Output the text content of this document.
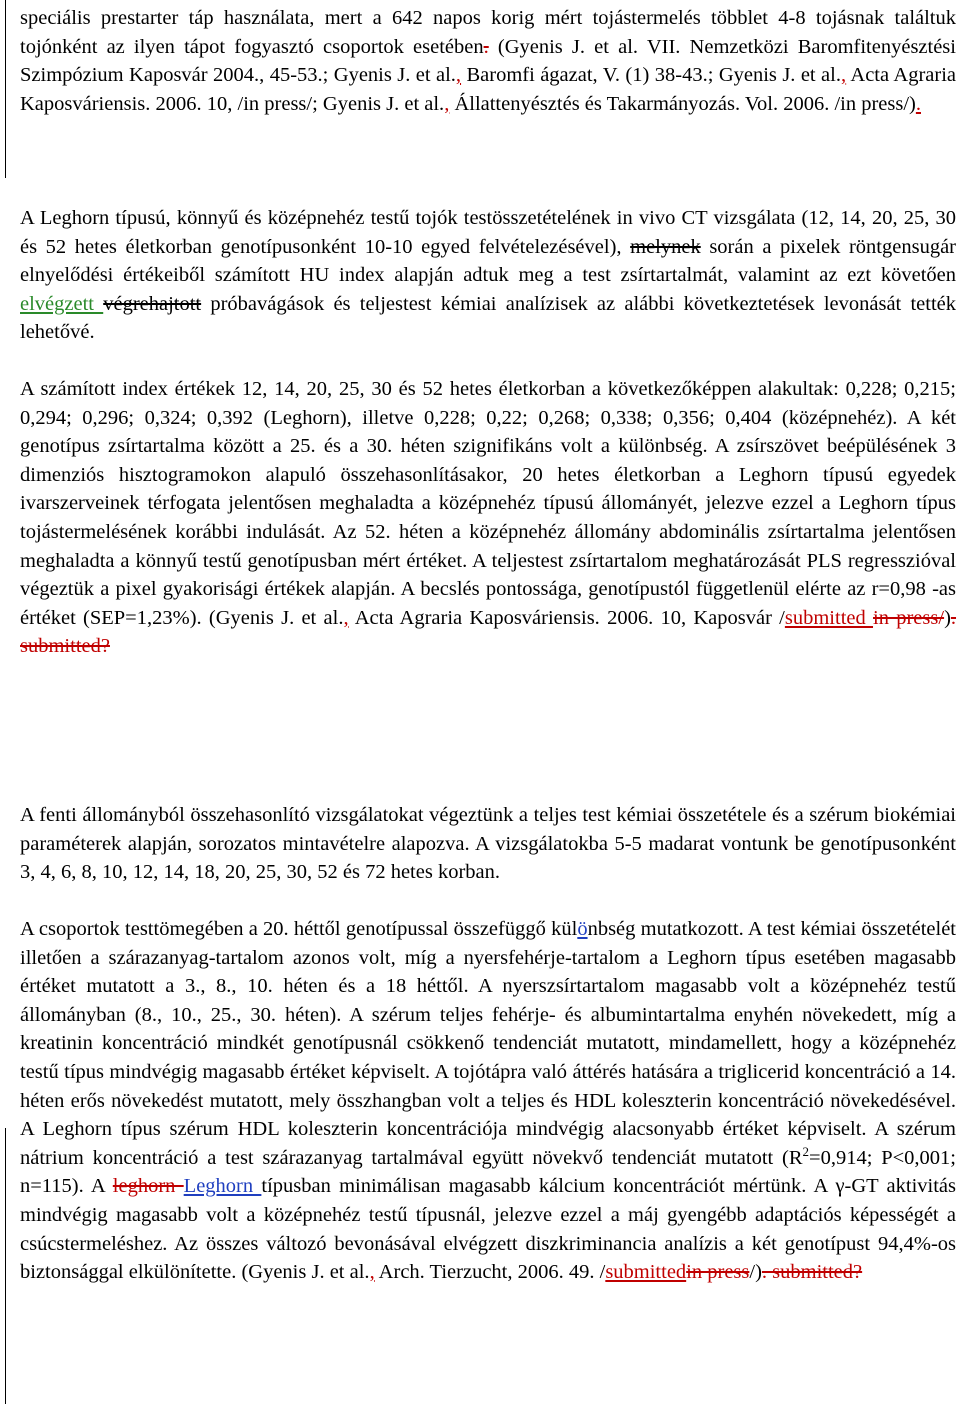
speciális prestarter táp használata, mert a 642 napos korig mért tojástermelés többlet 4-8 tojásnak találtuk tojónként az ilyen tápot fogyasztó csoportok esetében. (Gyenis J. et al. VII. Nemzetközi Baromfitenyésztési Szimpózium Kaposvár 2004., 45-53.; Gyenis J. et al., Baromfi ágazat, V. (1) 38-43.; Gyenis J. et al., Acta Agraria Kaposváriensis. 2006. 10, /in press/; Gyenis J. et al., Állattenyésztés és Takarmányozás. Vol. 2006. /in press/).

A Leghorn típusú, könnyű és középnehéz testű tojók testösszetételének in vivo CT vizsgálata (12, 14, 20, 25, 30 és 52 hetes életkorban genotípusonként 10-10 egyed felvételezésével), melynek során a pixelek röntgensugár elnyelődési értékeiből számított HU index alapján adtuk meg a test zsírtartalmát, valamint az ezt követően elvégzett végrehajtott próbavágások és teljestest kémiai analízisek az alábbi következtetések levonását tették lehetővé.

A számított index értékek 12, 14, 20, 25, 30 és 52 hetes életkorban a következőképpen alakultak: 0,228; 0,215; 0,294; 0,296; 0,324; 0,392 (Leghorn), illetve 0,228; 0,22; 0,268; 0,338; 0,356; 0,404 (középnehéz). A két genotípus zsírtartalma között a 25. és a 30. héten szignifikáns volt a különbség. A zsírszövet beépülésének 3 dimenziós hisztogramokon alapuló összehasonlításakor, 20 hetes életkorban a Leghorn típusú egyedek ivarszerveinek térfogata jelentősen meghaladta a középnehéz típusú állományét, jelezve ezzel a Leghorn típus tojástermelésének korábbi indulását. Az 52. héten a középnehéz állomány abdominális zsírtartalma jelentősen meghaladta a könnyű testű genotípusban mért értéket. A teljestest zsírtartalom meghatározását PLS regresszióval végeztük a pixel gyakorisági értékek alapján. A becslés pontossága, genotípustól függetlenül elérte az r=0,98 -as értéket (SEP=1,23%). (Gyenis J. et al., Acta Agraria Kaposváriensis. 2006. 10, Kaposvár /submitted in press/). submitted?

A fenti állományból összehasonlító vizsgálatokat végeztünk a teljes test kémiai összetétele és a szérum biokémiai paraméterek alapján, sorozatos mintavételre alapozva. A vizsgálatokba 5-5 madarat vontunk be genotípusonként 3, 4, 6, 8, 10, 12, 14, 18, 20, 25, 30, 52 és 72 hetes korban.

A csoportok testtömegében a 20. héttől genotípussal összefüggő különbség mutatkozott. A test kémiai összetételét illetően a szárazanyag-tartalom azonos volt, míg a nyersfehérje-tartalom a Leghorn típus esetében magasabb értéket mutatott a 3., 8., 10. héten és a 18 héttől. A nyerszsírtartalom magasabb volt a középnehéz testű állományban (8., 10., 25., 30. héten). A szérum teljes fehérje- és albumintartalma enyhén növekedett, míg a kreatinin koncentráció mindkét genotípusnál csökkenő tendenciát mutatott, mindamellett, hogy a középnehéz testű típus mindvégig magasabb értéket képviselt. A tojótápra való áttérés hatására a triglicerid koncentráció a 14. héten erős növekedést mutatott, mely összhangban volt a teljes és HDL koleszterin koncentráció növekedésével. A Leghorn típus szérum HDL koleszterin koncentrációja mindvégig alacsonyabb értéket képviselt. A szérum nátrium koncentráció a test szárazanyag tartalmával együtt növekvő tendenciát mutatott ($R^2=0,914$; P<0,001; n=115). A leghorn Leghorn típusban minimálisan magasabb kálcium koncentrációt mértünk. A γ-GT aktivitás mindvégig magasabb volt a középnehéz testű típusnál, jelezve ezzel a máj gyengébb adaptációs képességét a csúcstermeléshez. Az összes változó bevonásával elvégzett diszkriminancia analízis a két genotípust 94,4%-os biztonsággal elkülönítette. (Gyenis J. et al., Arch. Tierzucht, 2006. 49. /submittedin press/). submitted?
